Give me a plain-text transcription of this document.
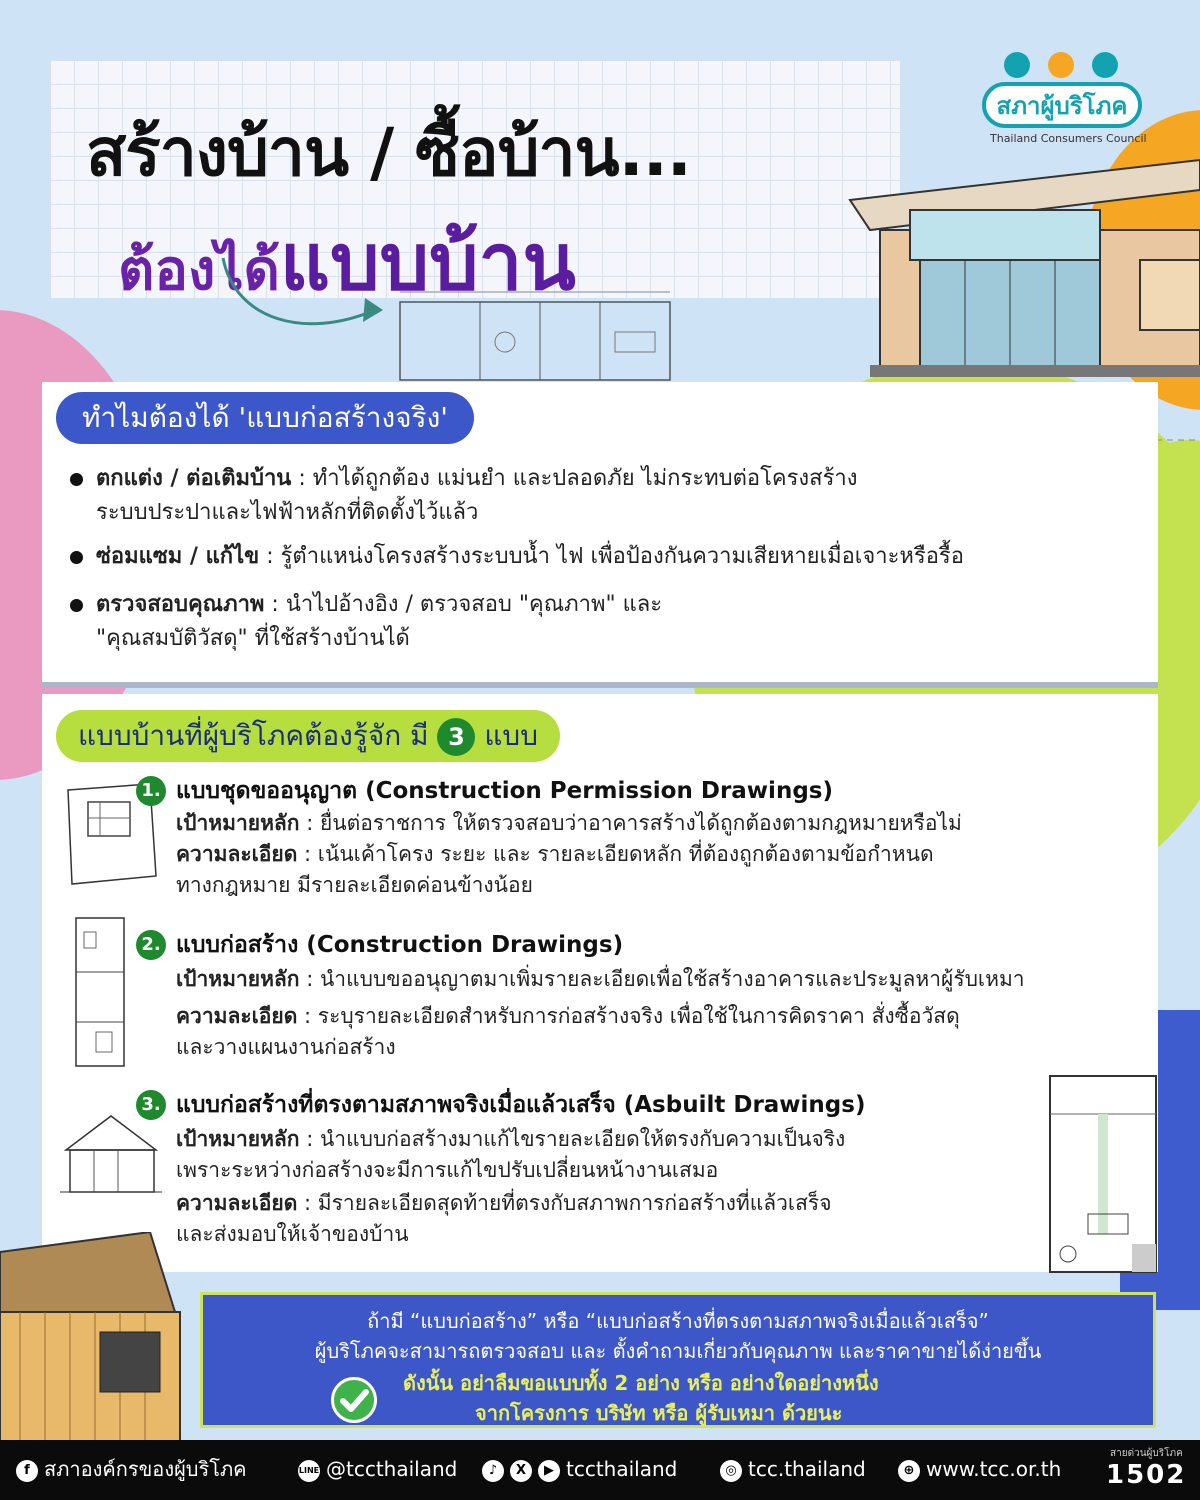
สร้างบ้าน / ซื้อบ้าน...
ต้องได้แบบบ้าน
สภาผู้บริโภค
Thailand Consumers Council
ทำไมต้องได้ 'แบบก่อสร้างจริง'
ตกแต่ง / ต่อเติมบ้าน : ทำได้ถูกต้อง แม่นยำ และปลอดภัย ไม่กระทบต่อโครงสร้าง
ระบบประปาและไฟฟ้าหลักที่ติดตั้งไว้แล้ว
ซ่อมแซม / แก้ไข : รู้ตำแหน่งโครงสร้างระบบน้ำ ไฟ เพื่อป้องกันความเสียหายเมื่อเจาะหรือรื้อ
ตรวจสอบคุณภาพ : นำไปอ้างอิง / ตรวจสอบ "คุณภาพ" และ
"คุณสมบัติวัสดุ" ที่ใช้สร้างบ้านได้
แบบบ้านที่ผู้บริโภคต้องรู้จัก มี 3 แบบ
1. แบบชุดขออนุญาต (Construction Permission Drawings)
เป้าหมายหลัก : ยื่นต่อราชการ ให้ตรวจสอบว่าอาคารสร้างได้ถูกต้องตามกฎหมายหรือไม่
ความละเอียด : เน้นเค้าโครง ระยะ และ รายละเอียดหลัก ที่ต้องถูกต้องตามข้อกำหนด
ทางกฎหมาย มีรายละเอียดค่อนข้างน้อย
2. แบบก่อสร้าง (Construction Drawings)
เป้าหมายหลัก : นำแบบขออนุญาตมาเพิ่มรายละเอียดเพื่อใช้สร้างอาคารและประมูลหาผู้รับเหมา
ความละเอียด : ระบุรายละเอียดสำหรับการก่อสร้างจริง เพื่อใช้ในการคิดราคา สั่งซื้อวัสดุ
และวางแผนงานก่อสร้าง
3. แบบก่อสร้างที่ตรงตามสภาพจริงเมื่อแล้วเสร็จ (Asbuilt Drawings)
เป้าหมายหลัก : นำแบบก่อสร้างมาแก้ไขรายละเอียดให้ตรงกับความเป็นจริง
เพราะระหว่างก่อสร้างจะมีการแก้ไขปรับเปลี่ยนหน้างานเสมอ
ความละเอียด : มีรายละเอียดสุดท้ายที่ตรงกับสภาพการก่อสร้างที่แล้วเสร็จ
และส่งมอบให้เจ้าของบ้าน
ถ้ามี “แบบก่อสร้าง” หรือ “แบบก่อสร้างที่ตรงตามสภาพจริงเมื่อแล้วเสร็จ”
ผู้บริโภคจะสามารถตรวจสอบ และ ตั้งคำถามเกี่ยวกับคุณภาพ และราคาขายได้ง่ายขึ้น
ดังนั้น อย่าลืมขอแบบทั้ง 2 อย่าง หรือ อย่างใดอย่างหนึ่ง
จากโครงการ บริษัท หรือ ผู้รับเหมา ด้วยนะ
f สภาองค์กรของผู้บริโภค	LINE @tccthailand	♪ X ▶ tccthailand	◎ tcc.thailand	⊕ www.tcc.or.th
สายด่วนผู้บริโภค
1502
